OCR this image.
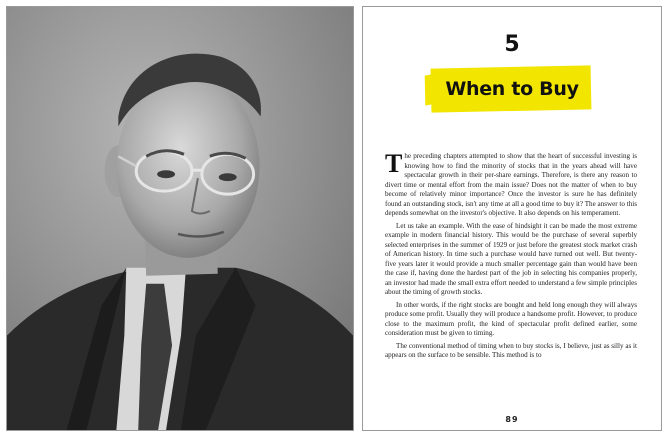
5
When to Buy

The preceding chapters attempted to show that the heart of successful investing is knowing how to find the minority of stocks that in the years ahead will have spectacular growth in their per-share earnings. Therefore, is there any reason to divert time or mental effort from the main issue? Does not the matter of when to buy become of relatively minor importance? Once the investor is sure he has definitely found an outstanding stock, isn't any time at all a good time to buy it? The answer to this depends somewhat on the investor's objective. It also depends on his temperament.

Let us take an example. With the ease of hindsight it can be made the most extreme example in modern financial history. This would be the purchase of several superbly selected enterprises in the summer of 1929 or just before the greatest stock market crash of American history. In time such a purchase would have turned out well. But twenty-five years later it would provide a much smaller percentage gain than would have been the case if, having done the hardest part of the job in selecting his companies properly, an investor had made the small extra effort needed to understand a few simple principles about the timing of growth stocks.

In other words, if the right stocks are bought and held long enough they will always produce some profit. Usually they will produce a handsome profit. However, to produce close to the maximum profit, the kind of spectacular profit defined earlier, some consideration must be given to timing.

The conventional method of timing when to buy stocks is, I believe, just as silly as it appears on the surface to be sensible. This method is to

89
